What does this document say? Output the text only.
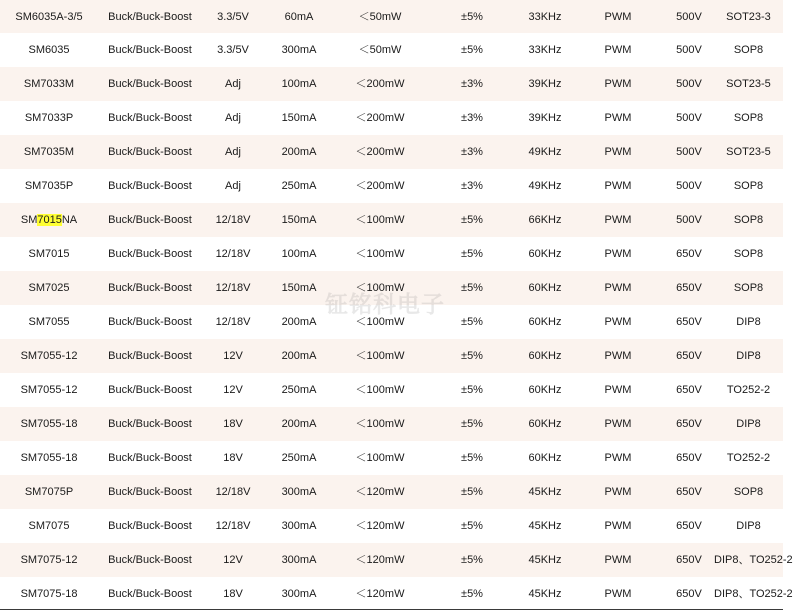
SM6035A-3/5	Buck/Buck-Boost	3.3/5V	60mA	＜50mW	±5%	33KHz	PWM	500V	SOT23-3
SM6035	Buck/Buck-Boost	3.3/5V	300mA	＜50mW	±5%	33KHz	PWM	500V	SOP8
SM7033M	Buck/Buck-Boost	Adj	100mA	＜200mW	±3%	39KHz	PWM	500V	SOT23-5
SM7033P	Buck/Buck-Boost	Adj	150mA	＜200mW	±3%	39KHz	PWM	500V	SOP8
SM7035M	Buck/Buck-Boost	Adj	200mA	＜200mW	±3%	49KHz	PWM	500V	SOT23-5
SM7035P	Buck/Buck-Boost	Adj	250mA	＜200mW	±3%	49KHz	PWM	500V	SOP8
SM7015NA	Buck/Buck-Boost	12/18V	150mA	＜100mW	±5%	66KHz	PWM	500V	SOP8
SM7015	Buck/Buck-Boost	12/18V	100mA	＜100mW	±5%	60KHz	PWM	650V	SOP8
SM7025	Buck/Buck-Boost	12/18V	150mA	＜100mW	±5%	60KHz	PWM	650V	SOP8
SM7055	Buck/Buck-Boost	12/18V	200mA	＜100mW	±5%	60KHz	PWM	650V	DIP8
SM7055-12	Buck/Buck-Boost	12V	200mA	＜100mW	±5%	60KHz	PWM	650V	DIP8
SM7055-12	Buck/Buck-Boost	12V	250mA	＜100mW	±5%	60KHz	PWM	650V	TO252-2
SM7055-18	Buck/Buck-Boost	18V	200mA	＜100mW	±5%	60KHz	PWM	650V	DIP8
SM7055-18	Buck/Buck-Boost	18V	250mA	＜100mW	±5%	60KHz	PWM	650V	TO252-2
SM7075P	Buck/Buck-Boost	12/18V	300mA	＜120mW	±5%	45KHz	PWM	650V	SOP8
SM7075	Buck/Buck-Boost	12/18V	300mA	＜120mW	±5%	45KHz	PWM	650V	DIP8
SM7075-12	Buck/Buck-Boost	12V	300mA	＜120mW	±5%	45KHz	PWM	650V	DIP8、TO252-2
SM7075-18	Buck/Buck-Boost	18V	300mA	＜120mW	±5%	45KHz	PWM	650V	DIP8、TO252-2
钲铭科电子
